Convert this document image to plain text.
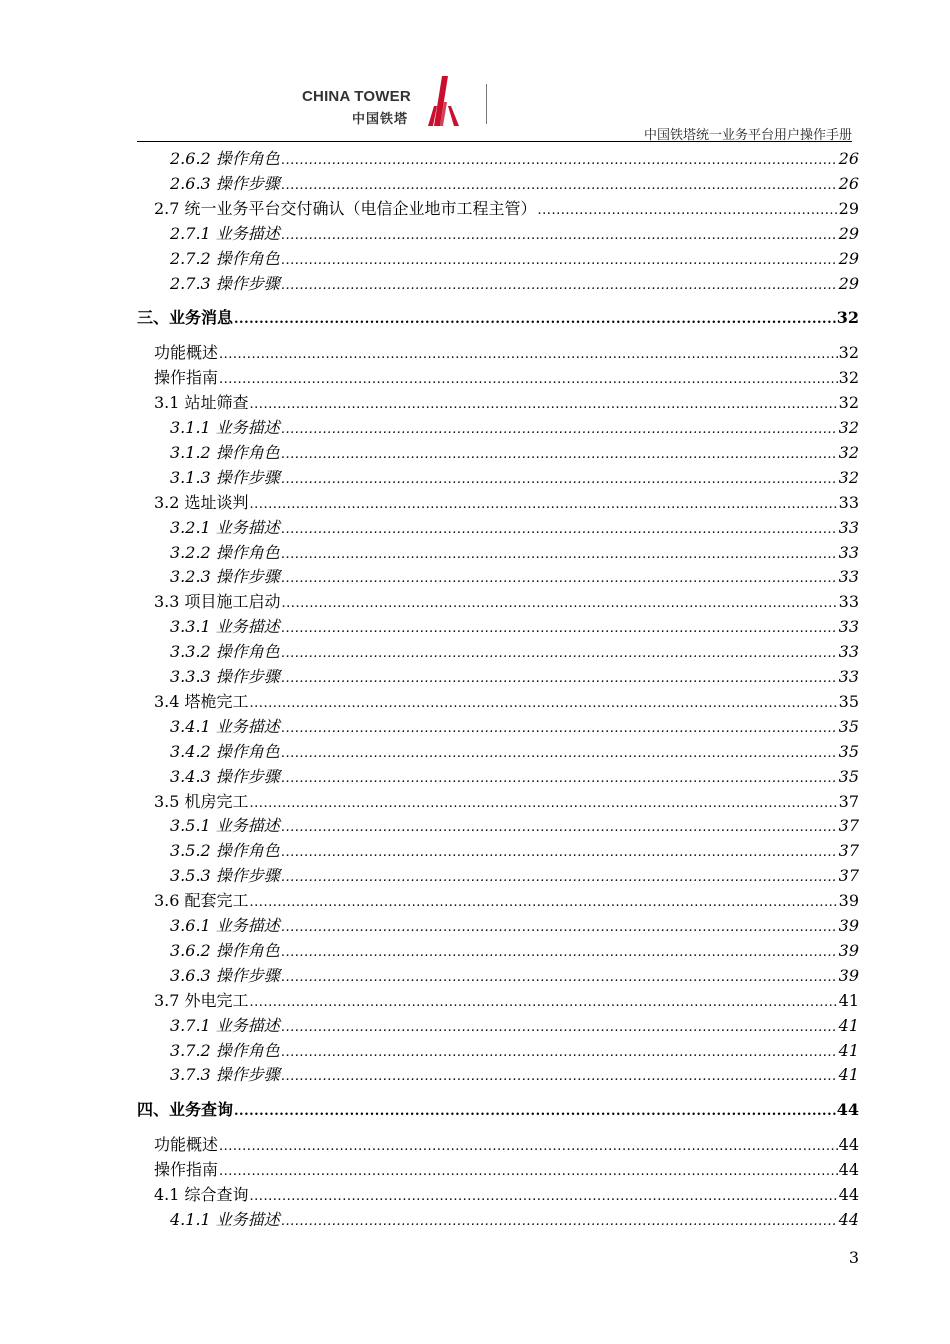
CHINA TOWER
中国铁塔
中国铁塔统一业务平台用户操作手册
2.6.2 操作角色 .....	26
2.6.3 操作步骤 .....	26
2.7 统一业务平台交付确认（电信企业地市工程主管） .....	29
2.7.1 业务描述 .....	29
2.7.2 操作角色 .....	29
2.7.3 操作步骤 .....	29
三、业务消息 .....	32
功能概述 .....	32
操作指南 .....	32
3.1 站址筛查 .....	32
3.1.1 业务描述 .....	32
3.1.2 操作角色 .....	32
3.1.3 操作步骤 .....	32
3.2 选址谈判 .....	33
3.2.1 业务描述 .....	33
3.2.2 操作角色 .....	33
3.2.3 操作步骤 .....	33
3.3 项目施工启动 .....	33
3.3.1 业务描述 .....	33
3.3.2 操作角色 .....	33
3.3.3 操作步骤 .....	33
3.4 塔桅完工 .....	35
3.4.1 业务描述 .....	35
3.4.2 操作角色 .....	35
3.4.3 操作步骤 .....	35
3.5 机房完工 .....	37
3.5.1 业务描述 .....	37
3.5.2 操作角色 .....	37
3.5.3 操作步骤 .....	37
3.6 配套完工 .....	39
3.6.1 业务描述 .....	39
3.6.2 操作角色 .....	39
3.6.3 操作步骤 .....	39
3.7 外电完工 .....	41
3.7.1 业务描述 .....	41
3.7.2 操作角色 .....	41
3.7.3 操作步骤 .....	41
四、业务查询 .....	44
功能概述 .....	44
操作指南 .....	44
4.1 综合查询 .....	44
4.1.1 业务描述 .....	44
3
